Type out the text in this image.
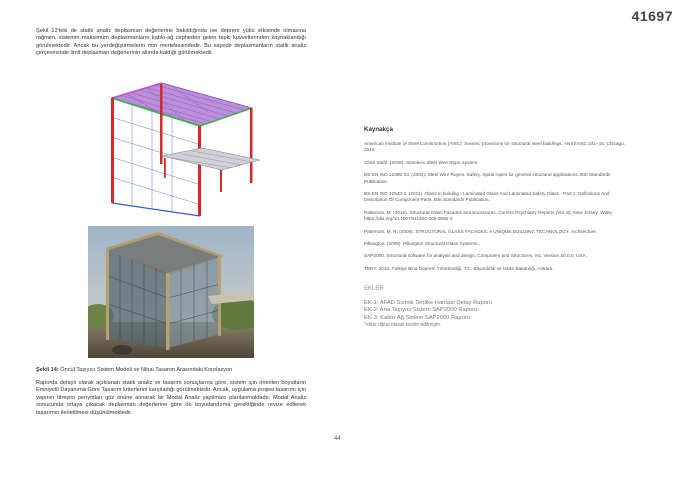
41697

Şekil 13'teki de statik analiz deplasman değerlerine bakıldığında ise deprem yükü etkisinde olmasına rağmen, sistemin maksimum deplasmanların kablo-ağ cepheden gelen tepki kuvvetlerinden kaynaklandığı görülmektedir. Ancak bu yerdeğiştirmelerin mm mertebesindedir. Bu sayede deplasmanların statik analiz çerçevesinde limit deplasman değerlerinin altında kaldığı görülmektedir.

Şekil 14: Öncül Taşıyıcı Sistem Modeli ve Nihai Tasarım Arasındaki Korelasyon

Raporda detaylı olarak açıklanan statik analiz ve tasarım sonuçlarına göre, sistem için önerilen boyutların Emniyetli Dayanıma Göre Tasarım kriterlerini karşıladığı görülmektedir. Ancak, uygulama projesi tasarımı için yapının titreşim periyotları göz önüne alınarak bir Modal Analiz yapılması planlanmaktadır. Modal Analiz sonucunda ortaya çıkacak deplasman değerlerine göre ön boyutlandırma gerektiğinde revize edilerek tasarımın ilerletilmesi düşünülmektedir.

44

Kaynakça

American Institute of Steel Construction (AISC). Seismic provisions for structural steel buildings. ANSI/AISC 341–16. Chicago. 2016.

Chari Stahl. (2018). Stainless Steel Wire Rope System.

BS-EN ISO 12385-10. (2003). Steel Wire Ropes. Safety. Spiral ropes for general structural applications. BSI Standards Publication.

BS-EN ISO 12543-1. (2011). Glass in building - Laminated Glass And Laminated Safety Glass - Part 1: Definitions And Description Of Component Parts. BSI Standards Publication.

Patterson, M. (2015). Structural Glass Facades and Enclosures. Current Psychiatry Reports (Vol. 8). New Jersey: Wiley. https://doi.org/10.1007/s11920-006-0082-3

Patterson, M. R. (2008). STRUCTURAL GLASS FACADES: A UNIQUE BUILDING TECHNOLOGY. Architecture.

Pilkington. (2009). Pilkington Structural Glass Systems .

SAP2000. Structural software for analysis and design. Computers and Structures, Inc. Version 20.0.0. USA.

TBDY. 2018. Türkiye Bina Deprem Yönetmeliği, T.C. Bayındırlık ve İskân Bakanlığı, Ankara.

EKLER

EK-1: AFAD Sismik Tehlike Haritası Detay Raporu

EK-2: Ana Taşıyıcı Sistem SAP2000 Raporu

EK-3: Kablo-Ağ Sistem SAP2000 Raporu

*ekler dijital olarak teslim edilmiştir.
